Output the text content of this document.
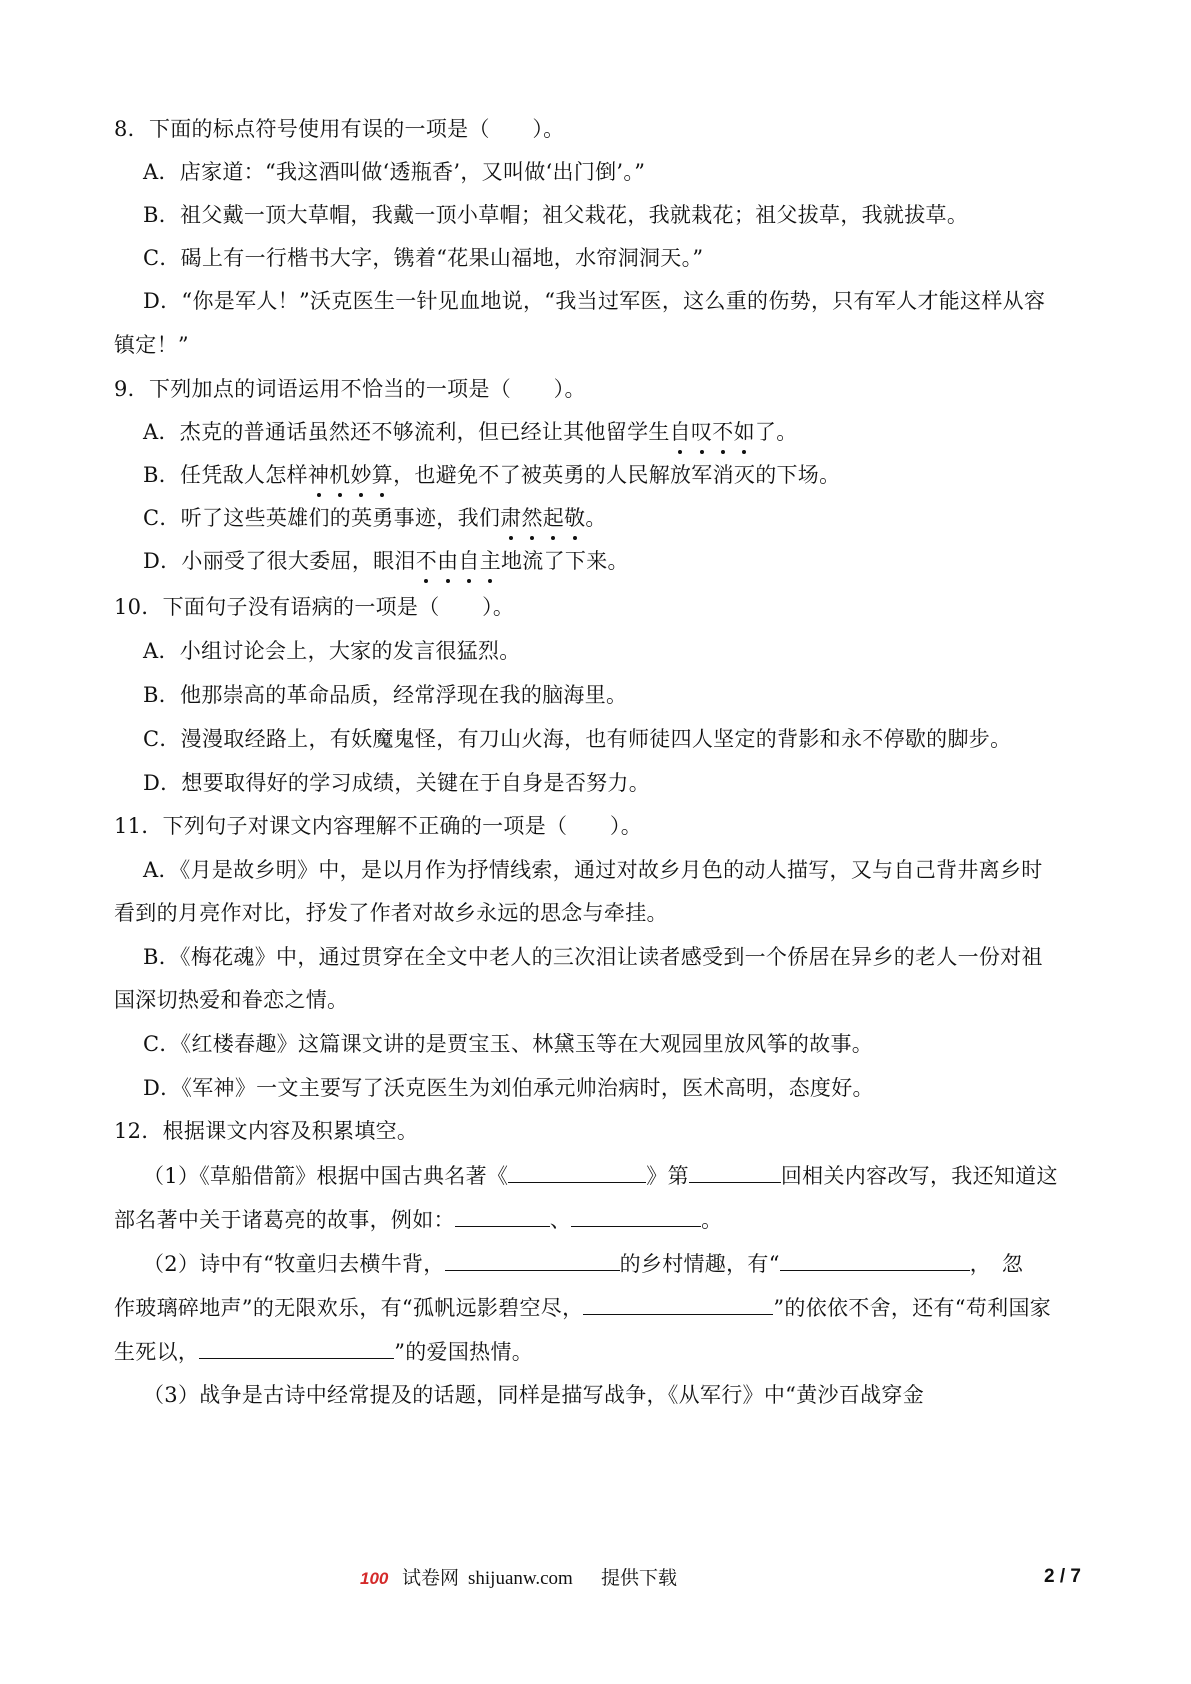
8．下面的标点符号使用有误的一项是（　　）。
A．店家道：“我这酒叫做‘透瓶香’，又叫做‘出门倒’。”
B．祖父戴一顶大草帽，我戴一顶小草帽；祖父栽花，我就栽花；祖父拔草，我就拔草。
C．碣上有一行楷书大字，镌着“花果山福地，水帘洞洞天。”
D．“你是军人！”沃克医生一针见血地说，“我当过军医，这么重的伤势，只有军人才能这样从容
镇定！”
9．下列加点的词语运用不恰当的一项是（　　）。
A．杰克的普通话虽然还不够流利，但已经让其他留学生自叹不如了。
B．任凭敌人怎样神机妙算，也避免不了被英勇的人民解放军消灭的下场。
C．听了这些英雄们的英勇事迹，我们肃然起敬。
D．小丽受了很大委屈，眼泪不由自主地流了下来。
10．下面句子没有语病的一项是（　　）。
A．小组讨论会上，大家的发言很猛烈。
B．他那崇高的革命品质，经常浮现在我的脑海里。
C．漫漫取经路上，有妖魔鬼怪，有刀山火海，也有师徒四人坚定的背影和永不停歇的脚步。
D．想要取得好的学习成绩，关键在于自身是否努力。
11．下列句子对课文内容理解不正确的一项是（　　）。
A．《月是故乡明》中，是以月作为抒情线索，通过对故乡月色的动人描写，又与自己背井离乡时
看到的月亮作对比，抒发了作者对故乡永远的思念与牵挂。
B．《梅花魂》中，通过贯穿在全文中老人的三次泪让读者感受到一个侨居在异乡的老人一份对祖
国深切热爱和眷恋之情。
C．《红楼春趣》这篇课文讲的是贾宝玉、林黛玉等在大观园里放风筝的故事。
D．《军神》一文主要写了沃克医生为刘伯承元帅治病时，医术高明，态度好。
12．根据课文内容及积累填空。
（1）《草船借箭》根据中国古典名著《	》第	回相关内容改写，我还知道这
部名著中关于诸葛亮的故事，例如：	、	。
（2）诗中有“牧童归去横牛背，	的乡村情趣，有“	，　忽
作玻璃碎地声”的无限欢乐，有“孤帆远影碧空尽，	”的依依不舍，还有“苟利国家
生死以，	”的爱国热情。
（3）战争是古诗中经常提及的话题，同样是描写战争，《从军行》中“黄沙百战穿金
100 试卷网 shijuanw.com 提供下载	2 / 7
